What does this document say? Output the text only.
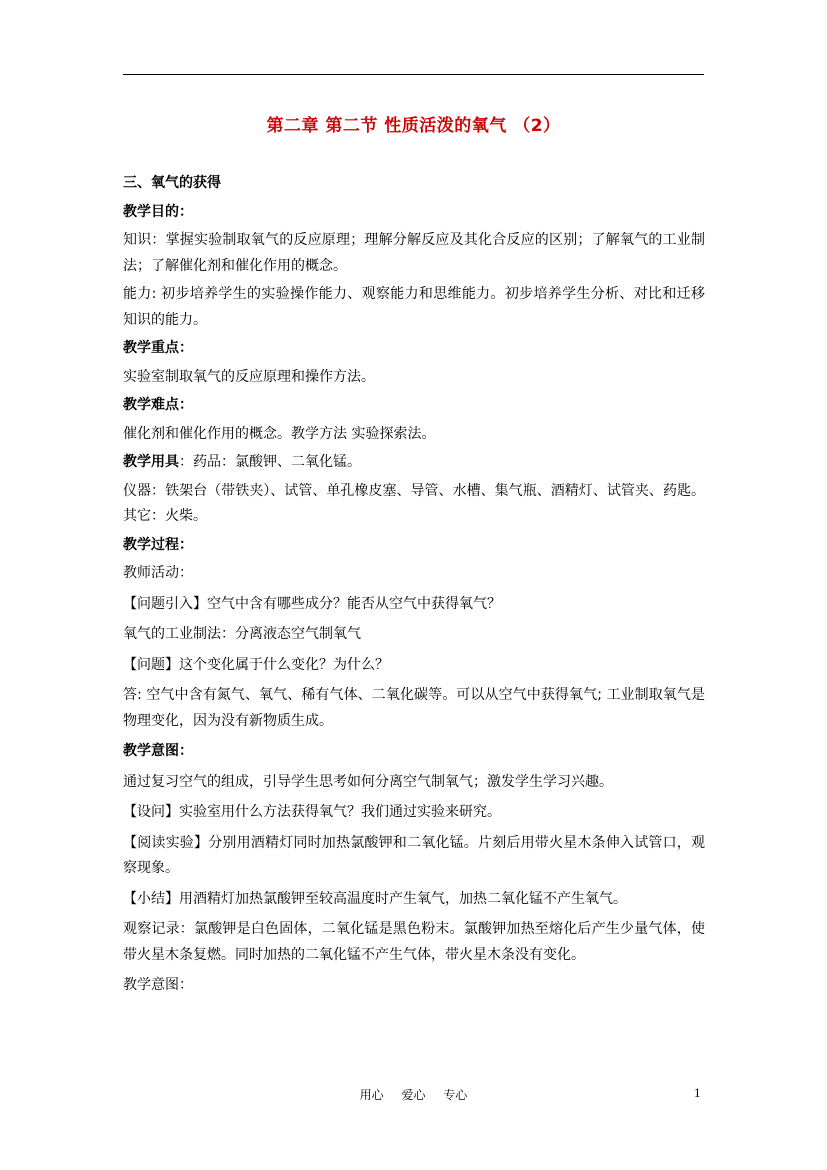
第二章 第二节 性质活泼的氧气 （2）

三、氧气的获得

教学目的：

知识：掌握实验制取氧气的反应原理；理解分解反应及其化合反应的区别；了解氧气的工业制法；了解催化剂和催化作用的概念。

能力: 初步培养学生的实验操作能力、观察能力和思维能力。初步培养学生分析、对比和迁移知识的能力。

教学重点：

实验室制取氧气的反应原理和操作方法。

教学难点：

催化剂和催化作用的概念。教学方法 实验探索法。

教学用具：药品：氯酸钾、二氧化锰。

仪器：铁架台（带铁夹）、试管、单孔橡皮塞、导管、水槽、集气瓶、酒精灯、试管夹、药匙。其它：火柴。

教学过程：

教师活动：

【问题引入】空气中含有哪些成分？能否从空气中获得氧气？

氧气的工业制法：分离液态空气制氧气

【问题】这个变化属于什么变化？为什么？

答: 空气中含有氮气、氧气、稀有气体、二氧化碳等。可以从空气中获得氧气; 工业制取氧气是物理变化，因为没有新物质生成。

教学意图：

通过复习空气的组成，引导学生思考如何分离空气制氧气；激发学生学习兴趣。

【设问】实验室用什么方法获得氧气？我们通过实验来研究。

【阅读实验】分别用酒精灯同时加热氯酸钾和二氧化锰。片刻后用带火星木条伸入试管口，观察现象。

【小结】用酒精灯加热氯酸钾至较高温度时产生氧气，加热二氧化锰不产生氧气。

观察记录：氯酸钾是白色固体，二氧化锰是黑色粉末。氯酸钾加热至熔化后产生少量气体，使带火星木条复燃。同时加热的二氧化锰不产生气体，带火星木条没有变化。

教学意图：

用心 爱心 专心	1
